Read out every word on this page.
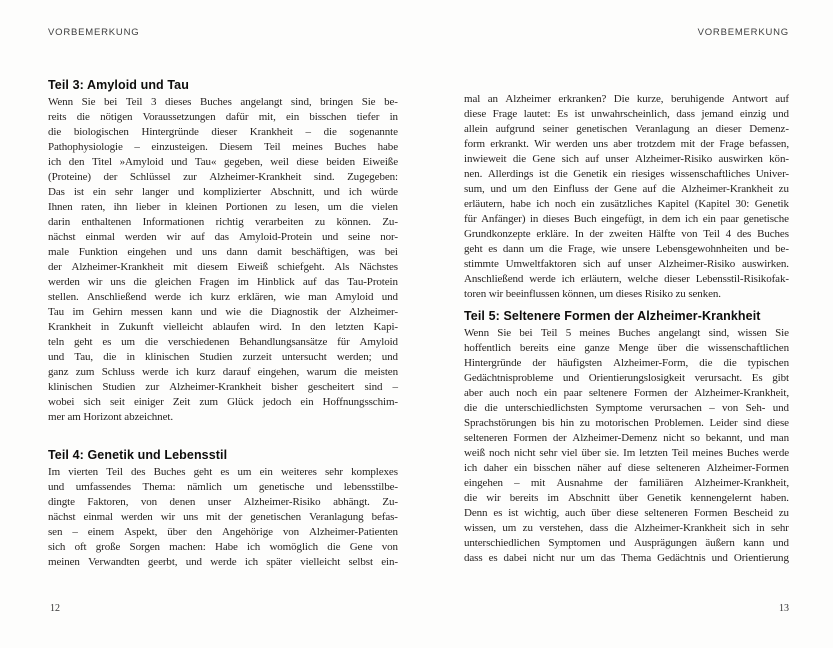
VORBEMERKUNG
Teil 3: Amyloid und Tau
Wenn Sie bei Teil 3 dieses Buches angelangt sind, bringen Sie be-
reits die nötigen Voraussetzungen dafür mit, ein bisschen tiefer in
die biologischen Hintergründe dieser Krankheit – die sogenannte
Pathophysiologie – einzusteigen. Diesem Teil meines Buches habe
ich den Titel »Amyloid und Tau« gegeben, weil diese beiden Eiweiße
(Proteine) der Schlüssel zur Alzheimer-Krankheit sind. Zugegeben:
Das ist ein sehr langer und komplizierter Abschnitt, und ich würde
Ihnen raten, ihn lieber in kleinen Portionen zu lesen, um die vielen
darin enthaltenen Informationen richtig verarbeiten zu können. Zu-
nächst einmal werden wir auf das Amyloid-Protein und seine nor-
male Funktion eingehen und uns dann damit beschäftigen, was bei
der Alzheimer-Krankheit mit diesem Eiweiß schiefgeht. Als Nächstes
werden wir uns die gleichen Fragen im Hinblick auf das Tau-Protein
stellen. Anschließend werde ich kurz erklären, wie man Amyloid und
Tau im Gehirn messen kann und wie die Diagnostik der Alzheimer-
Krankheit in Zukunft vielleicht ablaufen wird. In den letzten Kapi-
teln geht es um die verschiedenen Behandlungsansätze für Amyloid
und Tau, die in klinischen Studien zurzeit untersucht werden; und
ganz zum Schluss werde ich kurz darauf eingehen, warum die meisten
klinischen Studien zur Alzheimer-Krankheit bisher gescheitert sind –
wobei sich seit einiger Zeit zum Glück jedoch ein Hoffnungsschim-
mer am Horizont abzeichnet.
Teil 4: Genetik und Lebensstil
Im vierten Teil des Buches geht es um ein weiteres sehr komplexes
und umfassendes Thema: nämlich um genetische und lebensstilbe-
dingte Faktoren, von denen unser Alzheimer-Risiko abhängt. Zu-
nächst einmal werden wir uns mit der genetischen Veranlagung befas-
sen – einem Aspekt, über den Angehörige von Alzheimer-Patienten
sich oft große Sorgen machen: Habe ich womöglich die Gene von
meinen Verwandten geerbt, und werde ich später vielleicht selbst ein-
VORBEMERKUNG
mal an Alzheimer erkranken? Die kurze, beruhigende Antwort auf
diese Frage lautet: Es ist unwahrscheinlich, dass jemand einzig und
allein aufgrund seiner genetischen Veranlagung an dieser Demenz-
form erkrankt. Wir werden uns aber trotzdem mit der Frage befassen,
inwieweit die Gene sich auf unser Alzheimer-Risiko auswirken kön-
nen. Allerdings ist die Genetik ein riesiges wissenschaftliches Univer-
sum, und um den Einfluss der Gene auf die Alzheimer-Krankheit zu
erläutern, habe ich noch ein zusätzliches Kapitel (Kapitel 30: Genetik
für Anfänger) in dieses Buch eingefügt, in dem ich ein paar genetische
Grundkonzepte erkläre. In der zweiten Hälfte von Teil 4 des Buches
geht es dann um die Frage, wie unsere Lebensgewohnheiten und be-
stimmte Umweltfaktoren sich auf unser Alzheimer-Risiko auswirken.
Anschließend werde ich erläutern, welche dieser Lebensstil-Risikofak-
toren wir beeinflussen können, um dieses Risiko zu senken.
Teil 5: Seltenere Formen der Alzheimer-Krankheit
Wenn Sie bei Teil 5 meines Buches angelangt sind, wissen Sie
hoffentlich bereits eine ganze Menge über die wissenschaftlichen
Hintergründe der häufigsten Alzheimer-Form, die die typischen
Gedächtnisprobleme und Orientierungslosigkeit verursacht. Es gibt
aber auch noch ein paar seltenere Formen der Alzheimer-Krankheit,
die die unterschiedlichsten Symptome verursachen – von Seh- und
Sprachstörungen bis hin zu motorischen Problemen. Leider sind diese
selteneren Formen der Alzheimer-Demenz nicht so bekannt, und man
weiß noch nicht sehr viel über sie. Im letzten Teil meines Buches werde
ich daher ein bisschen näher auf diese selteneren Alzheimer-Formen
eingehen – mit Ausnahme der familiären Alzheimer-Krankheit,
die wir bereits im Abschnitt über Genetik kennengelernt haben.
Denn es ist wichtig, auch über diese selteneren Formen Bescheid zu
wissen, um zu verstehen, dass die Alzheimer-Krankheit sich in sehr
unterschiedlichen Symptomen und Ausprägungen äußern kann und
dass es dabei nicht nur um das Thema Gedächtnis und Orientierung
12	13
